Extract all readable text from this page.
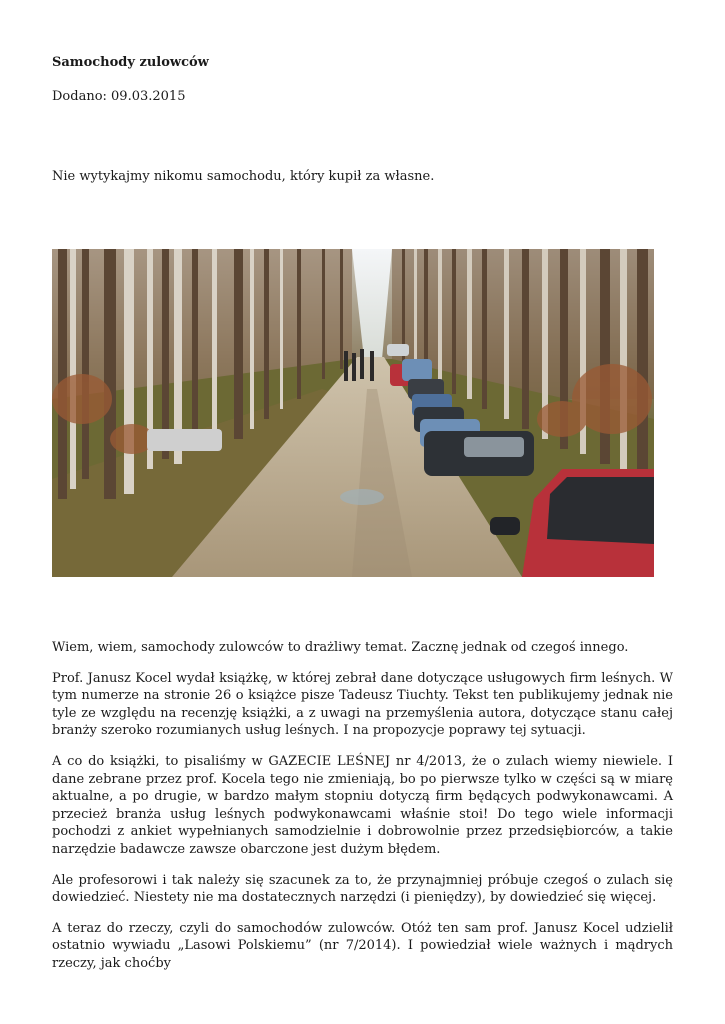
Samochody zulowców

Dodano: 09.03.2015

Nie wytykajmy nikomu samochodu, który kupił za własne.

Wiem, wiem, samochody zulowców to drażliwy temat. Zacznę jednak od czegoś innego.

Prof. Janusz Kocel wydał książkę, w której zebrał dane dotyczące usługowych firm leśnych. W tym numerze na stronie 26 o książce pisze Tadeusz Tiuchty. Tekst ten publikujemy jednak nie tyle ze względu na recenzję książki, a z uwagi na przemyślenia autora, dotyczące stanu całej branży szeroko rozumianych usług leśnych. I na propozycje poprawy tej sytuacji.

A co do książki, to pisaliśmy w GAZECIE LEŚNEJ nr 4/2013, że o zulach wiemy niewiele. I dane zebrane przez prof. Kocela tego nie zmieniają, bo po pierwsze tylko w części są w miarę aktualne, a po drugie, w bardzo małym stopniu dotyczą firm będących podwykonawcami. A przecież branża usług leśnych podwykonawcami właśnie stoi! Do tego wiele informacji pochodzi z ankiet wypełnianych samodzielnie i dobrowolnie przez przedsiębiorców, a takie narzędzie badawcze zawsze obarczone jest dużym błędem.

Ale profesorowi i tak należy się szacunek za to, że przynajmniej próbuje czegoś o zulach się dowiedzieć. Niestety nie ma dostatecznych narzędzi (i pieniędzy), by dowiedzieć się więcej.

A teraz do rzeczy, czyli do samochodów zulowców. Otóż ten sam prof. Janusz Kocel udzielił ostatnio wywiadu „Lasowi Polskiemu” (nr 7/2014). I powiedział wiele ważnych i mądrych rzeczy, jak choćby
